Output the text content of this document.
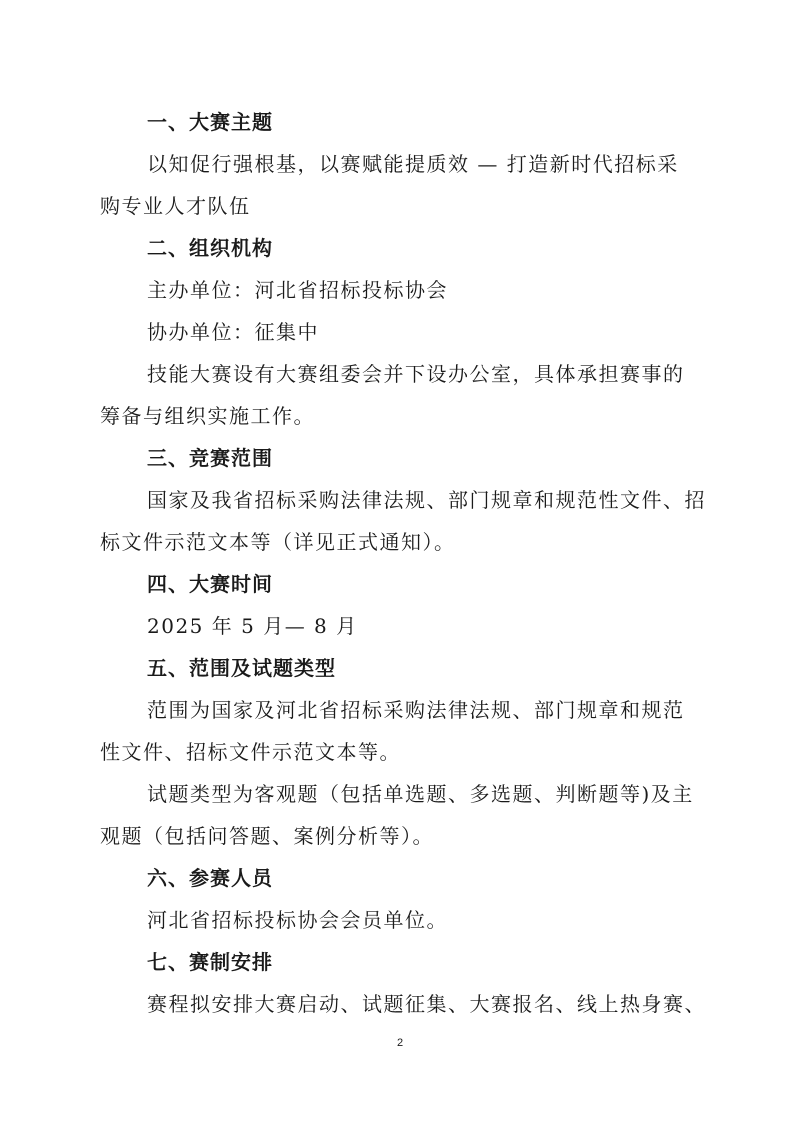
一、大赛主题
以知促行强根基，以赛赋能提质效 — 打造新时代招标采
购专业人才队伍
二、组织机构
主办单位：河北省招标投标协会
协办单位：征集中
技能大赛设有大赛组委会并下设办公室，具体承担赛事的
筹备与组织实施工作。
三、竞赛范围
国家及我省招标采购法律法规、部门规章和规范性文件、招
标文件示范文本等（详见正式通知）。
四、大赛时间
2025 年 5 月— 8 月
五、范围及试题类型
范围为国家及河北省招标采购法律法规、部门规章和规范
性文件、招标文件示范文本等。
试题类型为客观题（包括单选题、多选题、判断题等)及主
观题（包括问答题、案例分析等）。
六、参赛人员
河北省招标投标协会会员单位。
七、赛制安排
赛程拟安排大赛启动、试题征集、大赛报名、线上热身赛、
2
